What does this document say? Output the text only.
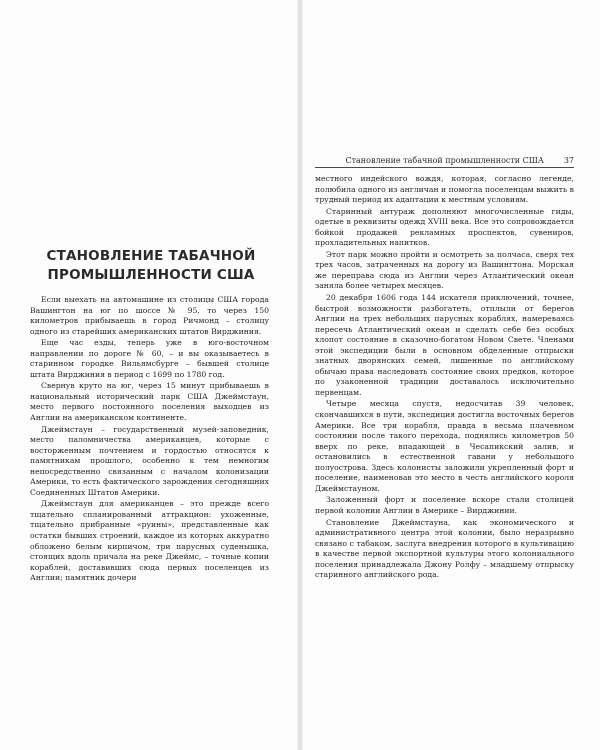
СТАНОВЛЕНИЕ ТАБАЧНОЙ
ПРОМЫШЛЕННОСТИ США

Если выехать на автомашине из столицы США города Вашингтон на юг по шоссе № 95, то через 150 километров прибываешь в город Ричмонд – столицу одного из старейших американских штатов Вирджиния.

Еще час езды, теперь уже в юго-восточном направлении по дороге № 60, – и вы оказываетесь в старинном городке Вильямсбурге – бывшей столице штата Вирджиния в период с 1699 по 1780 год.

Свернув круто на юг, через 15 минут прибываешь в национальный исторический парк США Джеймстаун, место первого постоянного поселения выходцев из Англии на американском континенте.

Джеймстаун – государственный музей-заповедник, место паломничества американцев, которые с восторженным почтением и гордостью относятся к памятникам прошлого, особенно к тем немногим непосредственно связанным с началом колонизации Америки, то есть фактического зарождения сегодняшних Соединенных Штатов Америки.

Джеймстаун для американцев – это прежде всего тщательно спланированный аттракцион: ухоженные, тщательно прибранные «руины», представленные как остатки бывших строений, каждое из которых аккуратно обложено белым кирпичом, три парусных суденышка, стоящих вдоль причала на реке Джеймс, – точные копии кораблей, доставивших сюда первых поселенцев из Англии; памятник дочери

Становление табачной промышленности США 37

местного индейского вождя, которая, согласно легенде, полюбила одного из англичан и помогла поселенцам выжить в трудный период их адаптации к местным условиям.

Старинный антураж дополняют многочисленные гиды, одетые в реквизиты одежд XVIII века. Все это сопровождается бойкой продажей рекламных проспектов, сувениров, прохладительных напитков.

Этот парк можно пройти и осмотреть за полчаса, сверх тех трех часов, затраченных на дорогу из Вашингтона. Морская же переправа сюда из Англии через Атлантический океан заняла более четырех месяцев.

20 декабря 1606 года 144 искателя приключений, точнее, быстрой возможности разбогатеть, отплыли от берегов Англии на трех небольших парусных кораблях, намереваясь пересечь Атлантический океан и сделать себе без особых хлопот состояние в сказочно-богатом Новом Свете. Членами этой экспедиции были в основном обделенные отпрыски знатных дворянских семей, лишенные по английскому обычаю права наследовать состояние своих предков, которое по узаконенной традиции доставалось исключительно первенцам.

Четыре месяца спустя, недосчитав 39 человек, скончавшихся в пути, экспедиция достигла восточных берегов Америки. Все три корабля, правда в весьма плачевном состоянии после такого перехода, поднялись километров 50 вверх по реке, впадающей в Чесапикский залив, и остановились в естественной гавани у небольшого полуострова. Здесь колонисты заложили укрепленный форт и поселение, наименовав это место в честь английского короля Джеймстауном.

Заложенный форт и поселение вскоре стали столицей первой колонии Англии в Америке – Вирджинии.

Становление Джеймстауна, как экономического и административного центра этой колонии, было неразрывно связано с табаком, заслуга внедрения которого в культивацию в качестве первой экспортной культуры этого колониального поселения принадлежала Джону Ролфу – младшему отпрыску старинного английского рода.
